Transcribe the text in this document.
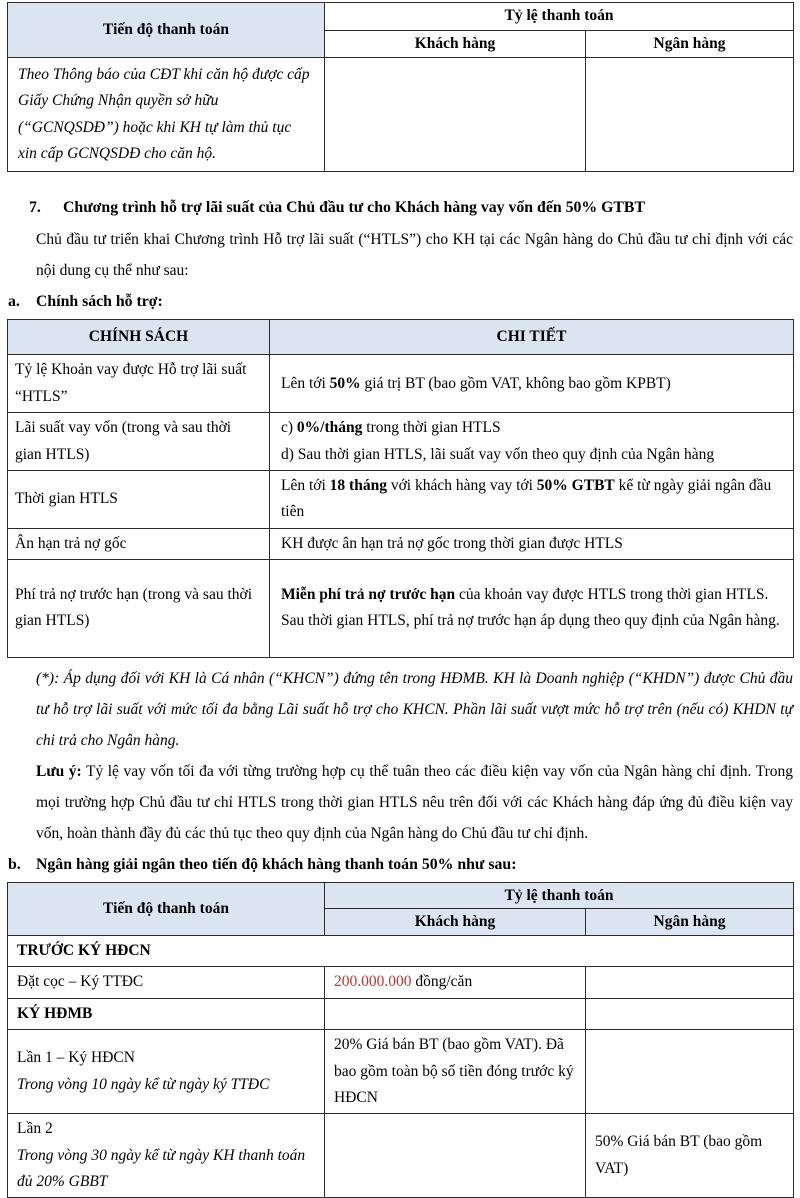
Tiến độ thanh toán	Tỷ lệ thanh toán	
	Khách hàng	Ngân hàng

Theo Thông báo của CĐT khi căn hộ được cấp Giấy Chứng Nhận quyền sở hữu (“GCNQSDĐ”) hoặc khi KH tự làm thủ tục xin cấp GCNQSDĐ cho căn hộ.		

7.	Chương trình hỗ trợ lãi suất của Chủ đầu tư cho Khách hàng vay vốn đến 50% GTBT

Chủ đầu tư triển khai Chương trình Hỗ trợ lãi suất (“HTLS”) cho KH tại các Ngân hàng do Chủ đầu tư chỉ định với các nội dung cụ thể như sau:

a.	Chính sách hỗ trợ:
CHÍNH SÁCH	CHI TIẾT
Tỷ lệ Khoản vay được Hỗ trợ lãi suất “HTLS”	Lên tới 50% giá trị BT (bao gồm VAT, không bao gồm KPBT)

Lãi suất vay vốn (trong và sau thời gian HTLS)	c) 0%/tháng trong thời gian HTLS
d) Sau thời gian HTLS, lãi suất vay vốn theo quy định của Ngân hàng

Thời gian HTLS	Lên tới 18 tháng với khách hàng vay tới 50% GTBT kể từ ngày giải ngân đầu tiên

Ân hạn trả nợ gốc	KH được ân hạn trả nợ gốc trong thời gian được HTLS

Phí trả nợ trước hạn (trong và sau thời gian HTLS)	Miễn phí trả nợ trước hạn của khoản vay được HTLS trong thời gian HTLS.
Sau thời gian HTLS, phí trả nợ trước hạn áp dụng theo quy định của Ngân hàng.

(*): Áp dụng đối với KH là Cá nhân (“KHCN”) đứng tên trong HĐMB. KH là Doanh nghiệp (“KHDN”) được Chủ đầu tư hỗ trợ lãi suất với mức tối đa bằng Lãi suất hỗ trợ cho KHCN. Phần lãi suất vượt mức hỗ trợ trên (nếu có) KHDN tự chi trả cho Ngân hàng.

Lưu ý: Tỷ lệ vay vốn tối đa với từng trường hợp cụ thể tuân theo các điều kiện vay vốn của Ngân hàng chỉ định. Trong mọi trường hợp Chủ đầu tư chỉ HTLS trong thời gian HTLS nêu trên đối với các Khách hàng đáp ứng đủ điều kiện vay vốn, hoàn thành đầy đủ các thủ tục theo quy định của Ngân hàng do Chủ đầu tư chỉ định.

b. Ngân hàng giải ngân theo tiến độ khách hàng thanh toán 50% như sau:
Tiến độ thanh toán	Tỷ lệ thanh toán	
	Khách hàng	Ngân hàng
TRƯỚC KÝ HĐCN		
Đặt cọc – Ký TTĐC	200.000.000 đồng/căn	

KÝ HĐMB		

Lần 1 – Ký HĐCN
Trong vòng 10 ngày kể từ ngày ký TTĐC	20% Giá bán BT (bao gồm VAT). Đã bao gồm toàn bộ số tiền đóng trước ký HĐCN	

Lần 2
Trong vòng 30 ngày kể từ ngày KH thanh toán đủ 20% GBBT		50% Giá bán BT (bao gồm VAT)
